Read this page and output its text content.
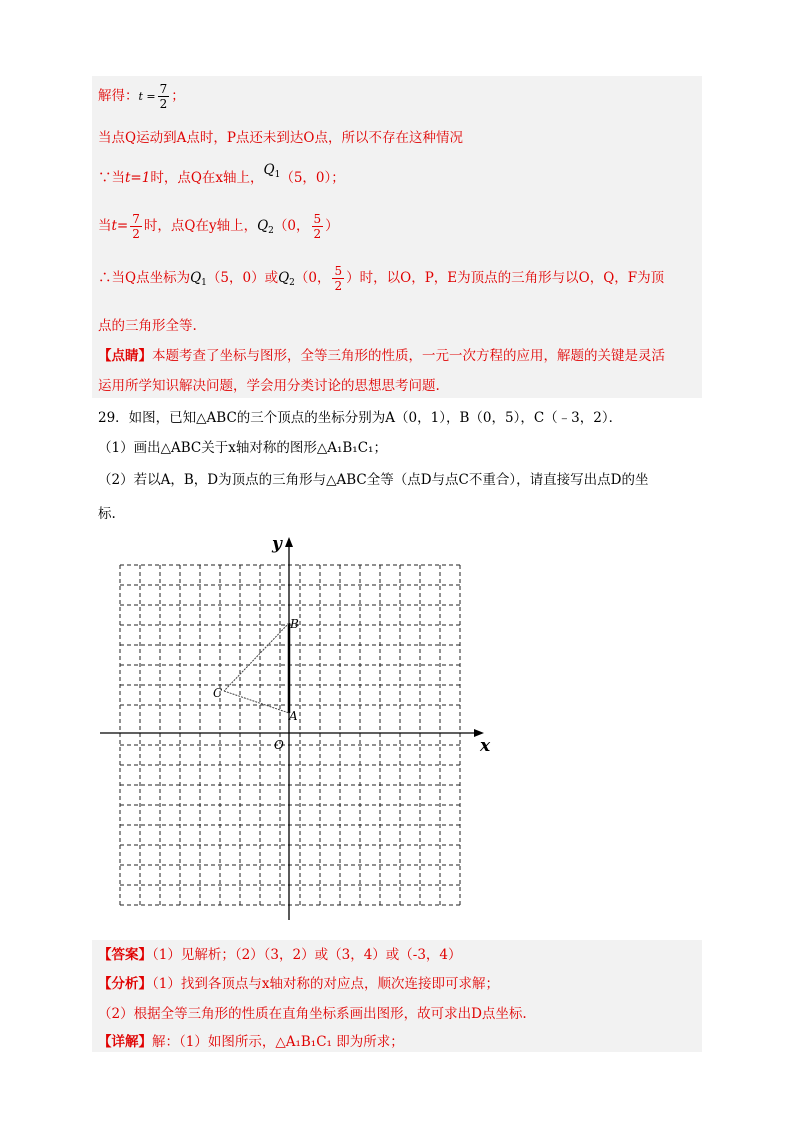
解得：$t = \frac{7}{2}$ ；
当点Q运动到A点时，P点还未到达O点，所以不存在这种情况
∵当t=1时，点Q在x轴上，$Q_1(5$，0）；
当$t= \frac{7}{2}$ 时，点Q在y轴上，$Q_2(0$， $\frac{5}{2}$ ）
∴当Q点坐标为$Q_1(5$，0）或$Q_2(0$， $\frac{5}{2}$ ）时，以O，P，E为顶点的三角形与以O，Q，F为顶
点的三角形全等.
【点睛】本题考查了坐标与图形，全等三角形的性质，一元一次方程的应用，解题的关键是灵活
运用所学知识解决问题，学会用分类讨论的思想思考问题.
29．如图，已知△ABC的三个顶点的坐标分别为A（0，1），B（0，5），C（﹣3，2）．
（1）画出△ABC关于x轴对称的图形△A₁B₁C₁；
（2）若以A，B，D为顶点的三角形与△ABC全等（点D与点C不重合），请直接写出点D的坐
标.
y
x
O
B
A
C
【答案】（1）见解析；（2）（3，2）或（3，4）或（-3，4）
【分析】（1）找到各顶点与x轴对称的对应点，顺次连接即可求解；
（2）根据全等三角形的性质在直角坐标系画出图形，故可求出D点坐标.
【详解】解：（1）如图所示，△A₁B₁C₁ 即为所求；
